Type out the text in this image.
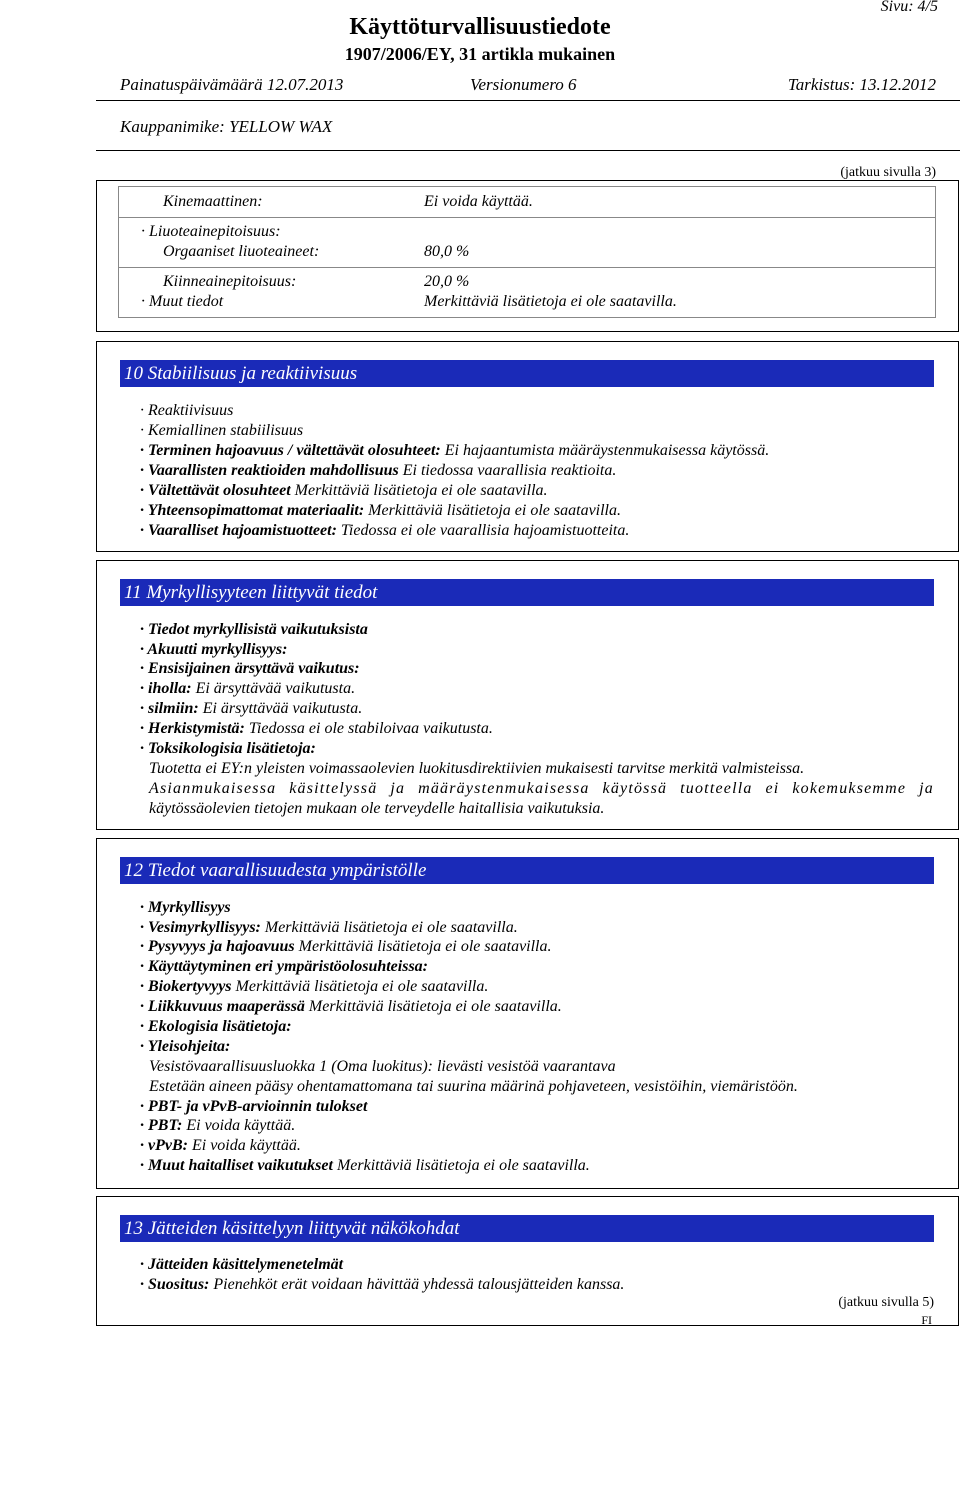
Sivu: 4/5
Käyttöturvallisuustiedote
1907/2006/EY, 31 artikla mukainen
Painatuspäivämäärä 12.07.2013	Versionumero 6	Tarkistus: 13.12.2012
Kauppanimike: YELLOW WAX
(jatkuu sivulla 3)
Kinemaattinen:	Ei voida käyttää.
· Liuoteainepitoisuus:
Orgaaniset liuoteaineet:	80,0 %
Kiinneainepitoisuus:	20,0 %
· Muut tiedot	Merkittäviä lisätietoja ei ole saatavilla.
10 Stabiilisuus ja reaktiivisuus
· Reaktiivisuus
· Kemiallinen stabiilisuus
· Terminen hajoavuus / vältettävät olosuhteet: Ei hajaantumista määräystenmukaisessa käytössä.
· Vaarallisten reaktioiden mahdollisuus Ei tiedossa vaarallisia reaktioita.
· Vältettävät olosuhteet Merkittäviä lisätietoja ei ole saatavilla.
· Yhteensopimattomat materiaalit: Merkittäviä lisätietoja ei ole saatavilla.
· Vaaralliset hajoamistuotteet: Tiedossa ei ole vaarallisia hajoamistuotteita.
11 Myrkyllisyyteen liittyvät tiedot
· Tiedot myrkyllisistä vaikutuksista
· Akuutti myrkyllisyys:
· Ensisijainen ärsyttävä vaikutus:
· iholla: Ei ärsyttävää vaikutusta.
· silmiin: Ei ärsyttävää vaikutusta.
· Herkistymistä: Tiedossa ei ole stabiloivaa vaikutusta.
· Toksikologisia lisätietoja:
Tuotetta ei EY:n yleisten voimassaolevien luokitusdirektiivien mukaisesti tarvitse merkitä valmisteissa.
Asianmukaisessa käsittelyssä ja määräystenmukaisessa käytössä tuotteella ei kokemuksemme ja
käytössäolevien tietojen mukaan ole terveydelle haitallisia vaikutuksia.
12 Tiedot vaarallisuudesta ympäristölle
· Myrkyllisyys
· Vesimyrkyllisyys: Merkittäviä lisätietoja ei ole saatavilla.
· Pysyvyys ja hajoavuus Merkittäviä lisätietoja ei ole saatavilla.
· Käyttäytyminen eri ympäristöolosuhteissa:
· Biokertyvyys Merkittäviä lisätietoja ei ole saatavilla.
· Liikkuvuus maaperässä Merkittäviä lisätietoja ei ole saatavilla.
· Ekologisia lisätietoja:
· Yleisohjeita:
Vesistövaarallisuusluokka 1 (Oma luokitus): lievästi vesistöä vaarantava
Estetään aineen pääsy ohentamattomana tai suurina määrinä pohjaveteen, vesistöihin, viemäristöön.
· PBT- ja vPvB-arvioinnin tulokset
· PBT: Ei voida käyttää.
· vPvB: Ei voida käyttää.
· Muut haitalliset vaikutukset Merkittäviä lisätietoja ei ole saatavilla.
13 Jätteiden käsittelyyn liittyvät näkökohdat
· Jätteiden käsittelymenetelmät
· Suositus: Pienehköt erät voidaan hävittää yhdessä talousjätteiden kanssa.
(jatkuu sivulla 5)
FI
